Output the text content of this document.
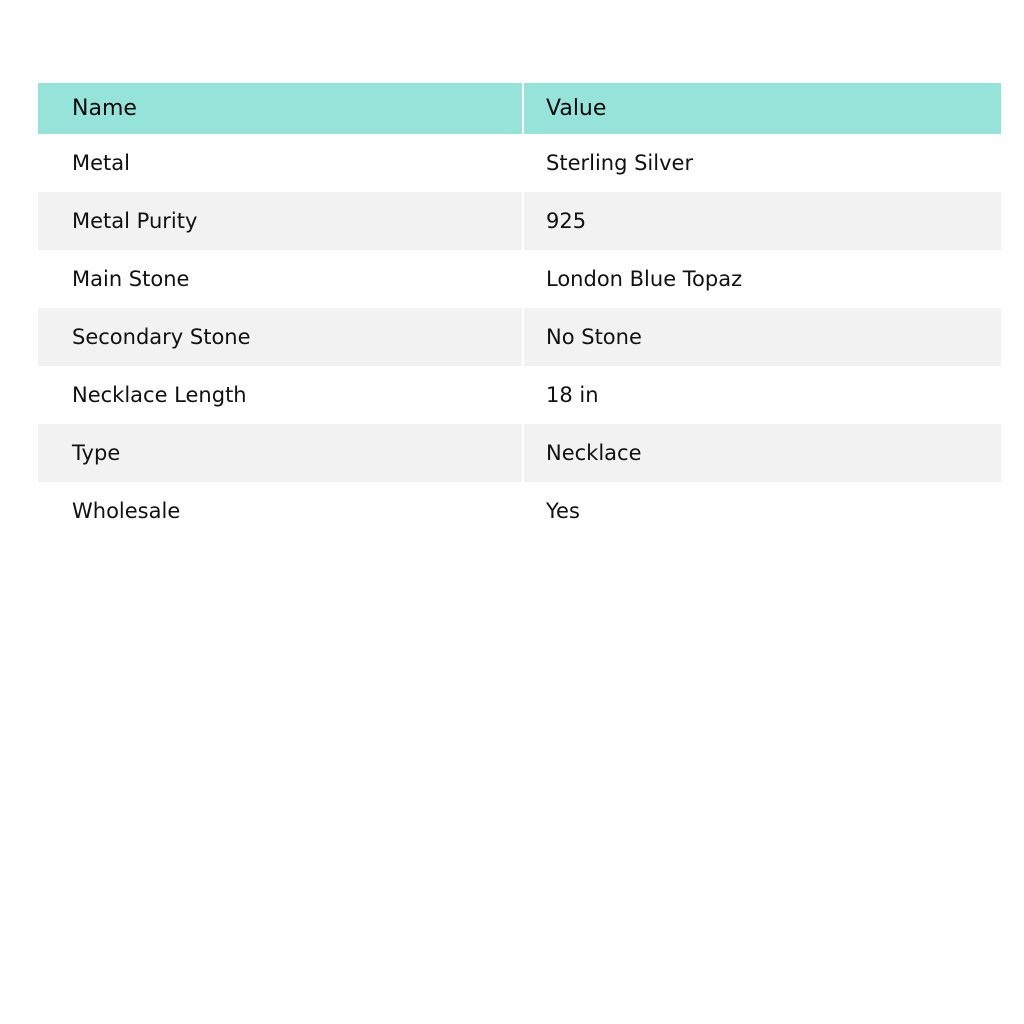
Name	Value
Metal	Sterling Silver
Metal Purity	925
Main Stone	London Blue Topaz
Secondary Stone	No Stone
Necklace Length	18 in
Type	Necklace
Wholesale	Yes
